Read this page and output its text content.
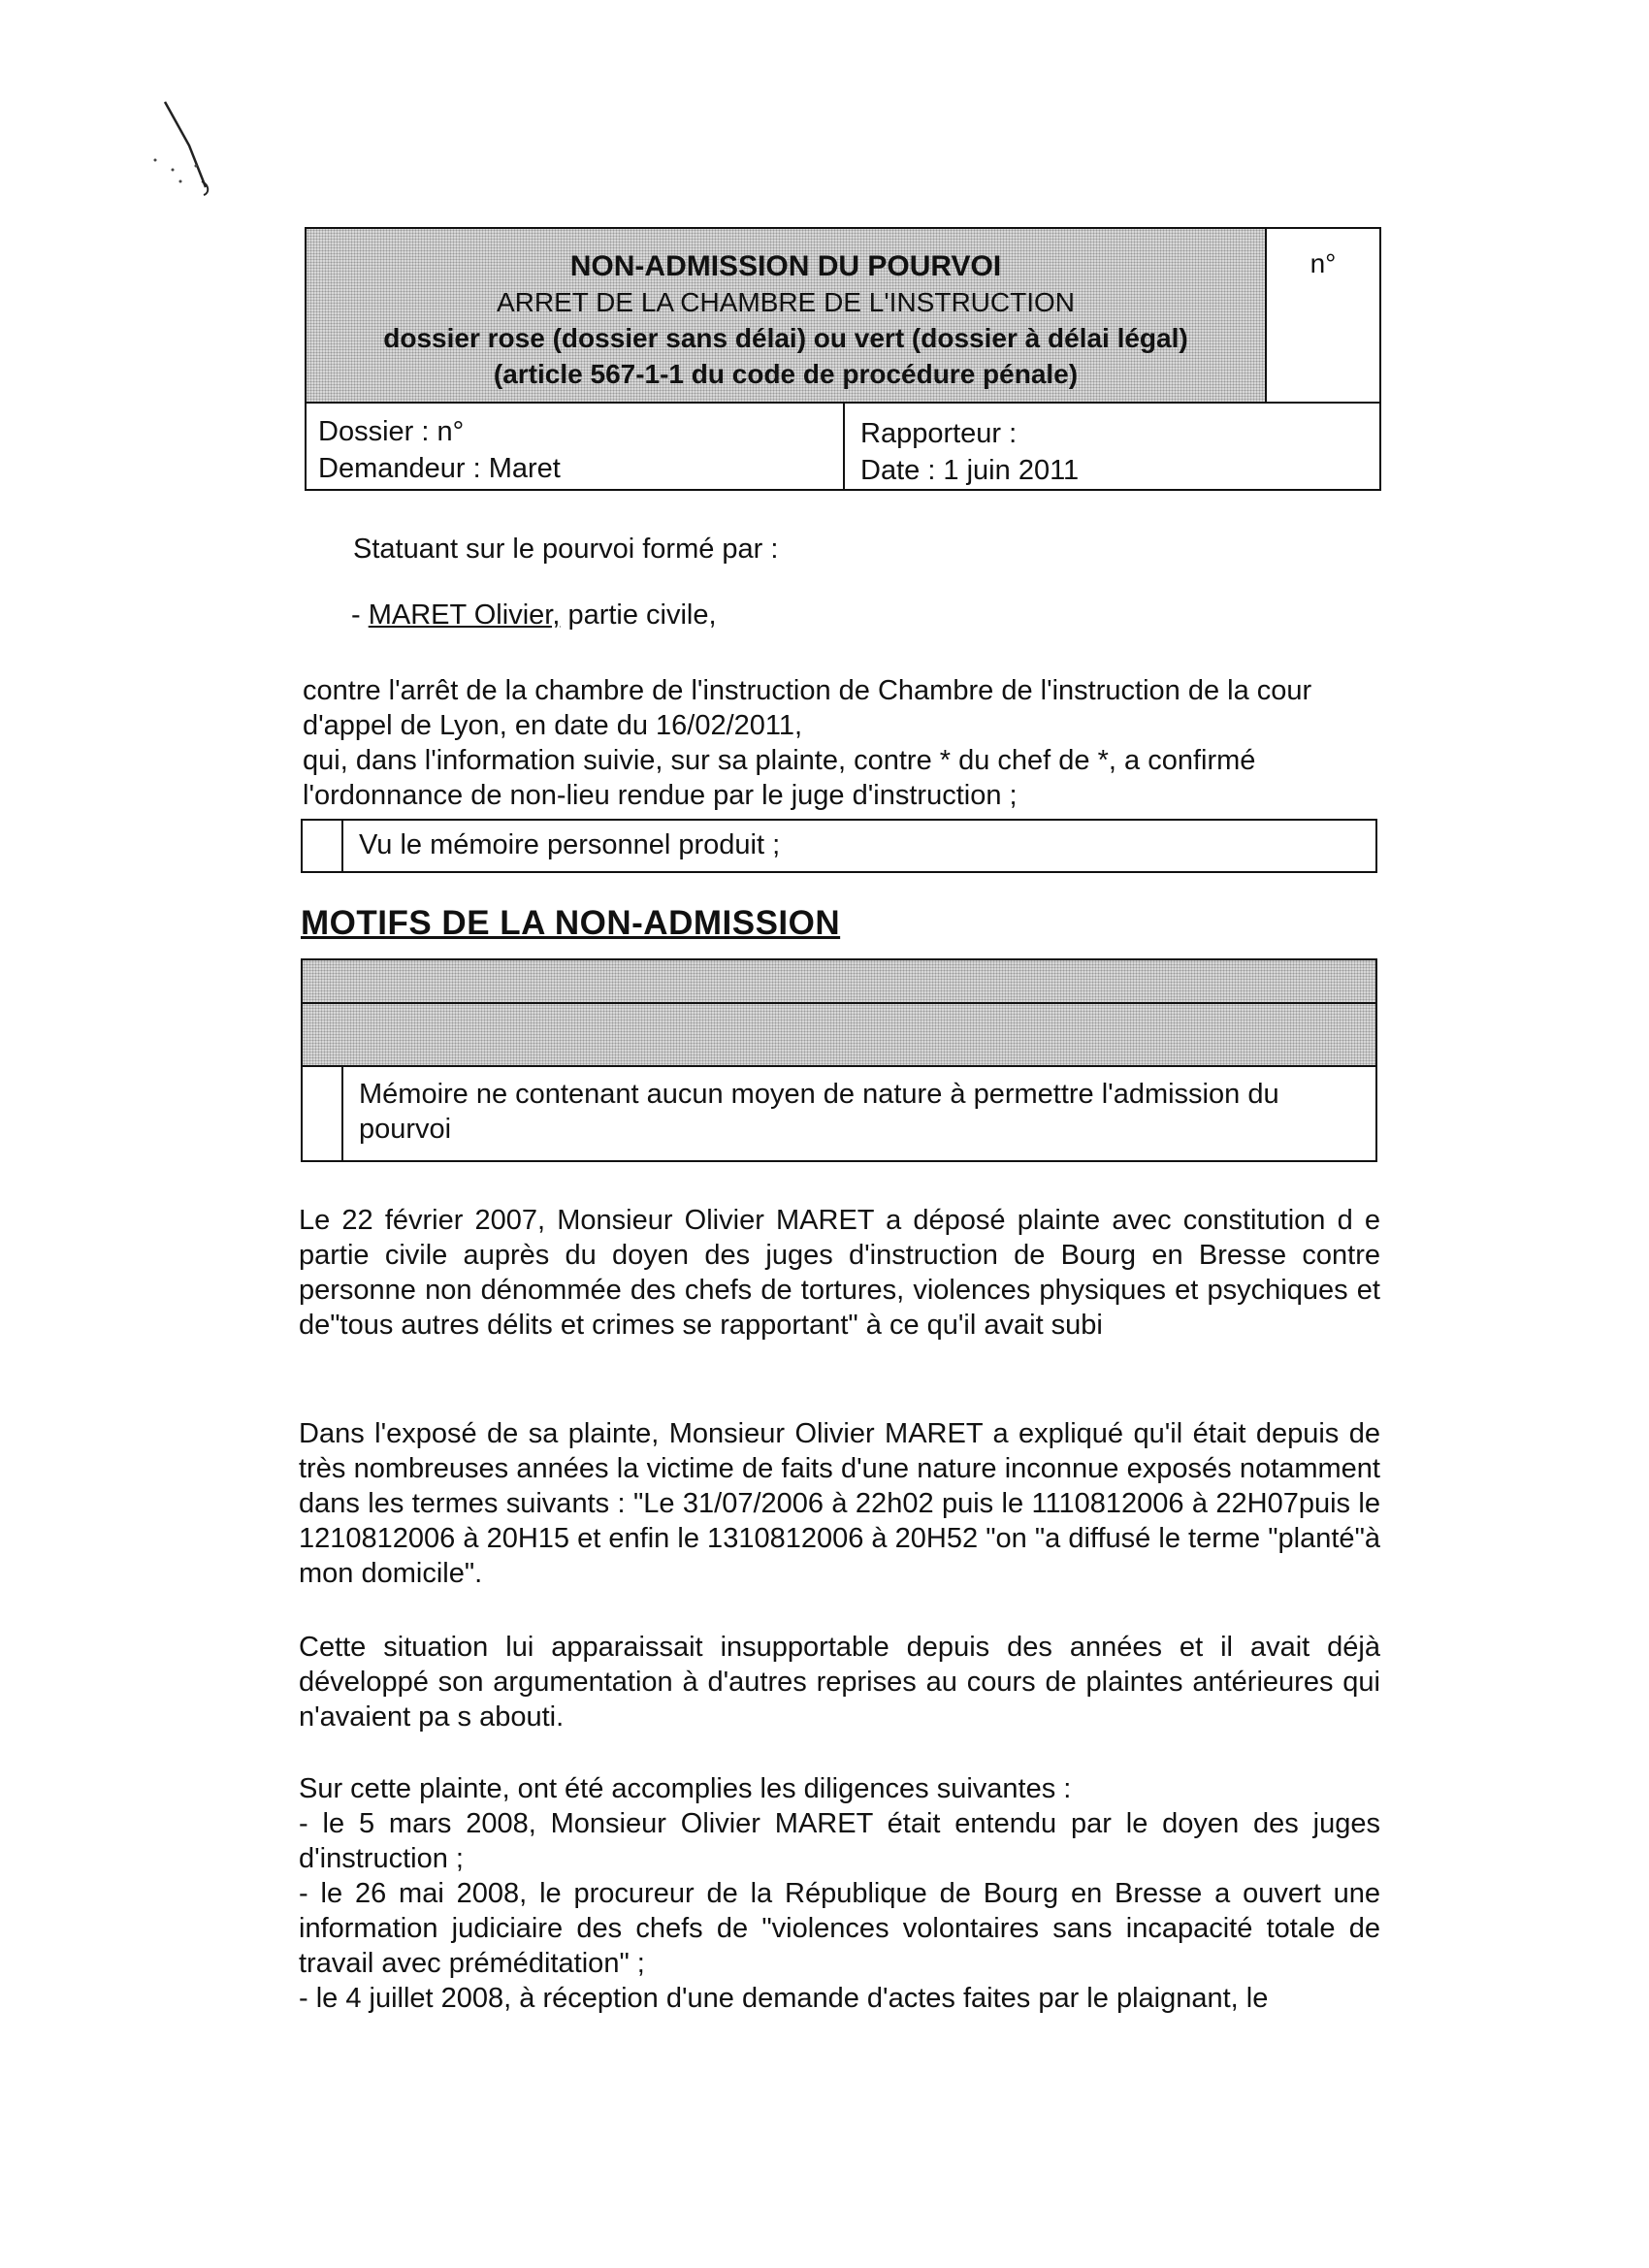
NON-ADMISSION DU POURVOI
ARRET DE LA CHAMBRE DE L'INSTRUCTION
dossier rose (dossier sans délai) ou vert (dossier à délai légal)
(article 567-1-1 du code de procédure pénale)
n°
Dossier : n°
Demandeur : Maret
Rapporteur :
Date : 1 juin 2011
Statuant sur le pourvoi formé par :
- MARET Olivier, partie civile,
contre l'arrêt de la chambre de l'instruction de Chambre de l'instruction de la cour
d'appel de Lyon, en date du 16/02/2011,
qui, dans l'information suivie, sur sa plainte, contre * du chef de *, a confirmé
l'ordonnance de non-lieu rendue par le juge d'instruction ;
Vu le mémoire personnel produit ;
MOTIFS DE LA NON-ADMISSION
Mémoire ne contenant aucun moyen de nature à permettre l'admission du pourvoi
Le 22 février 2007, Monsieur Olivier MARET a déposé plainte avec constitution d e partie civile auprès du doyen des juges d'instruction de Bourg en Bresse contre personne non dénommée des chefs de tortures, violences physiques et psychiques et de"tous autres délits et crimes se rapportant" à ce qu'il avait subi
Dans l'exposé de sa plainte, Monsieur Olivier MARET a expliqué qu'il était depuis de très nombreuses années la victime de faits d'une nature inconnue exposés notamment dans les termes suivants : "Le 31/07/2006 à 22h02 puis le 1110812006 à 22H07puis le 1210812006 à 20H15 et enfin le 1310812006 à 20H52 "on "a diffusé le terme "planté"à mon domicile".
Cette situation lui apparaissait insupportable depuis des années et il avait déjà développé son argumentation à d'autres reprises au cours de plaintes antérieures qui n'avaient pa s abouti.
Sur cette plainte, ont été accomplies les diligences suivantes :
- le 5 mars 2008, Monsieur Olivier MARET était entendu par le doyen des juges d'instruction ;
- le 26 mai 2008, le procureur de la République de Bourg en Bresse a ouvert une information judiciaire des chefs de "violences volontaires sans incapacité totale de travail avec préméditation" ;
- le 4 juillet 2008, à réception d'une demande d'actes faites par le plaignant, le
